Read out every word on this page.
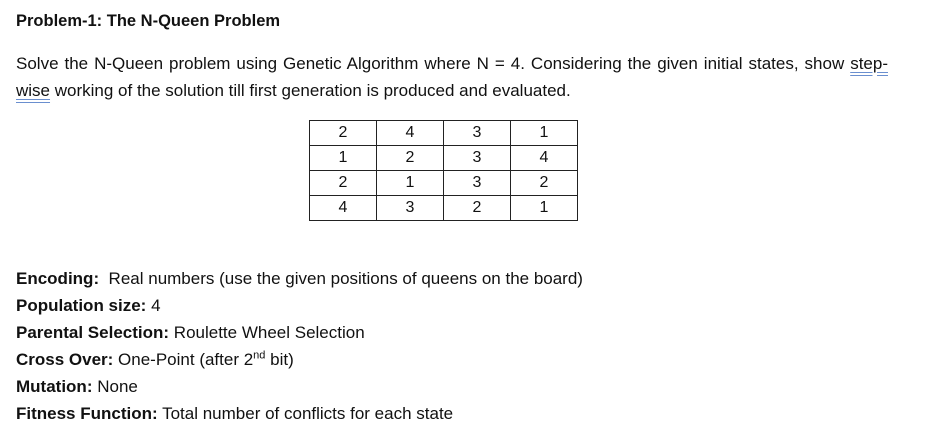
Problem-1: The N-Queen Problem

Solve the N-Queen problem using Genetic Algorithm where N = 4. Considering the given initial states, show step-wise working of the solution till first generation is produced and evaluated.

2	4	3	1
1	2	3	4
2	1	3	2
4	3	2	1
Encoding:  Real numbers (use the given positions of queens on the board)
Population size: 4
Parental Selection: Roulette Wheel Selection
Cross Over: One-Point (after 2nd bit)
Mutation: None
Fitness Function: Total number of conflicts for each state
